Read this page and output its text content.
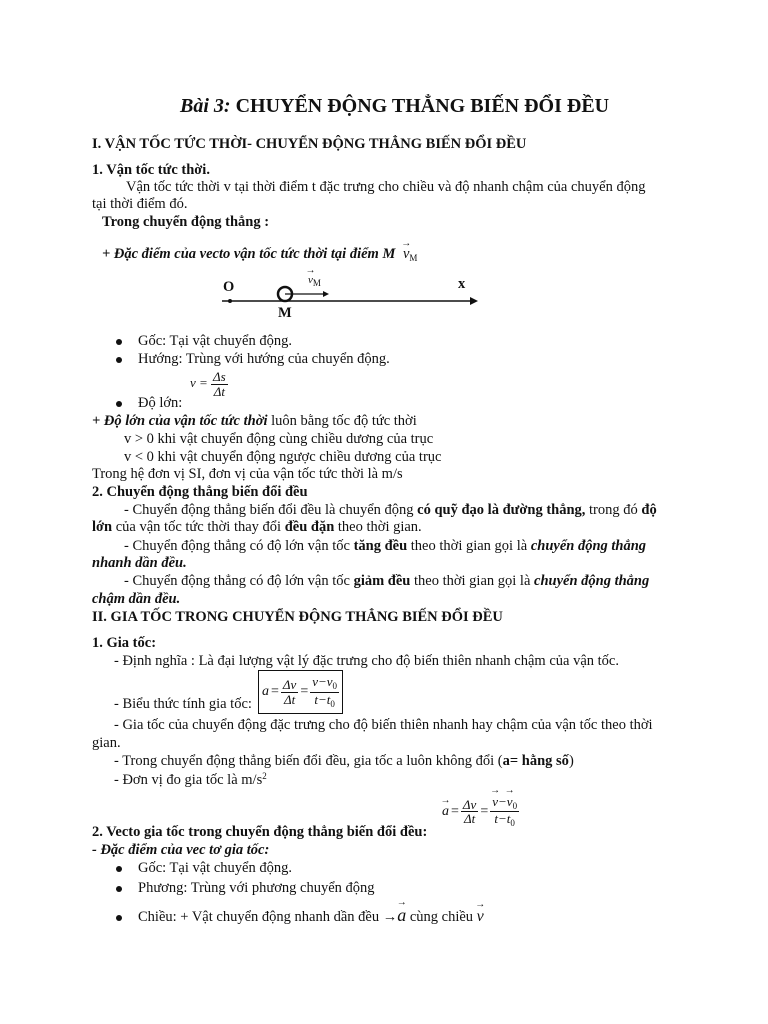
Bài 3: CHUYỂN ĐỘNG THẲNG BIẾN ĐỔI ĐỀU
I. VẬN TỐC TỨC THỜI- CHUYỂN ĐỘNG THẲNG BIẾN ĐỔI ĐỀU
1. Vận tốc tức thời.
Vận tốc tức thời v tại thời điểm t đặc trưng cho chiều và độ nhanh chậm của chuyển động
tại thời điểm đó.
Trong chuyển động thẳng :
+ Đặc điểm của vecto vận tốc tức thời tại điểm $M \to v_M$
O	x
M
→ $v_M$
Gốc: Tại vật chuyển động.
Hướng: Trùng với hướng của chuyển động.
Độ lớn:
$v = \frac{\Delta s}{\Delta t}$
+ Độ lớn của vận tốc tức thời luôn bằng tốc độ tức thời
v > 0 khi vật chuyển động cùng chiều dương của trục
v < 0 khi vật chuyển động ngược chiều dương của trục
Trong hệ đơn vị SI, đơn vị của vận tốc tức thời là m/s
2. Chuyển động thẳng biến đổi đều
- Chuyển động thẳng biến đổi đều là chuyển động có quỹ đạo là đường thẳng, trong đó độ
lớn của vận tốc tức thời thay đổi đều đặn theo thời gian.
- Chuyển động thẳng có độ lớn vận tốc tăng đều theo thời gian gọi là chuyển động thẳng
nhanh dần đều.
- Chuyển động thẳng có độ lớn vận tốc giảm đều theo thời gian gọi là chuyển động thẳng
chậm dần đều.
II. GIA TỐC TRONG CHUYỂN ĐỘNG THẲNG BIẾN ĐỔI ĐỀU
1. Gia tốc:
- Định nghĩa : Là đại lượng vật lý đặc trưng cho độ biến thiên nhanh chậm của vận tốc.
- Biểu thức tính gia tốc:
$a = \frac{\Delta v}{\Delta t} = \frac{v-v_0}{t-t_0}$
- Gia tốc của chuyển động đặc trưng cho độ biến thiên nhanh hay chậm của vận tốc theo thời
gian.
- Trong chuyển động thẳng biến đổi đều, gia tốc a luôn không đổi (a= hằng số)
- Đơn vị đo gia tốc là $m/s^2$
→ $a = \frac{\Delta v}{\Delta t}$ = → $\frac{v-\to v_0}{t-t_0}$
2. Vecto gia tốc trong chuyển động thẳng biến đổi đều:
- Đặc điểm của vec tơ gia tốc:
Gốc: Tại vật chuyển động.
Phương: Trùng với phương chuyển động
Chiều: + Vật chuyển động nhanh dần đều →→ a cùng chiều → v
